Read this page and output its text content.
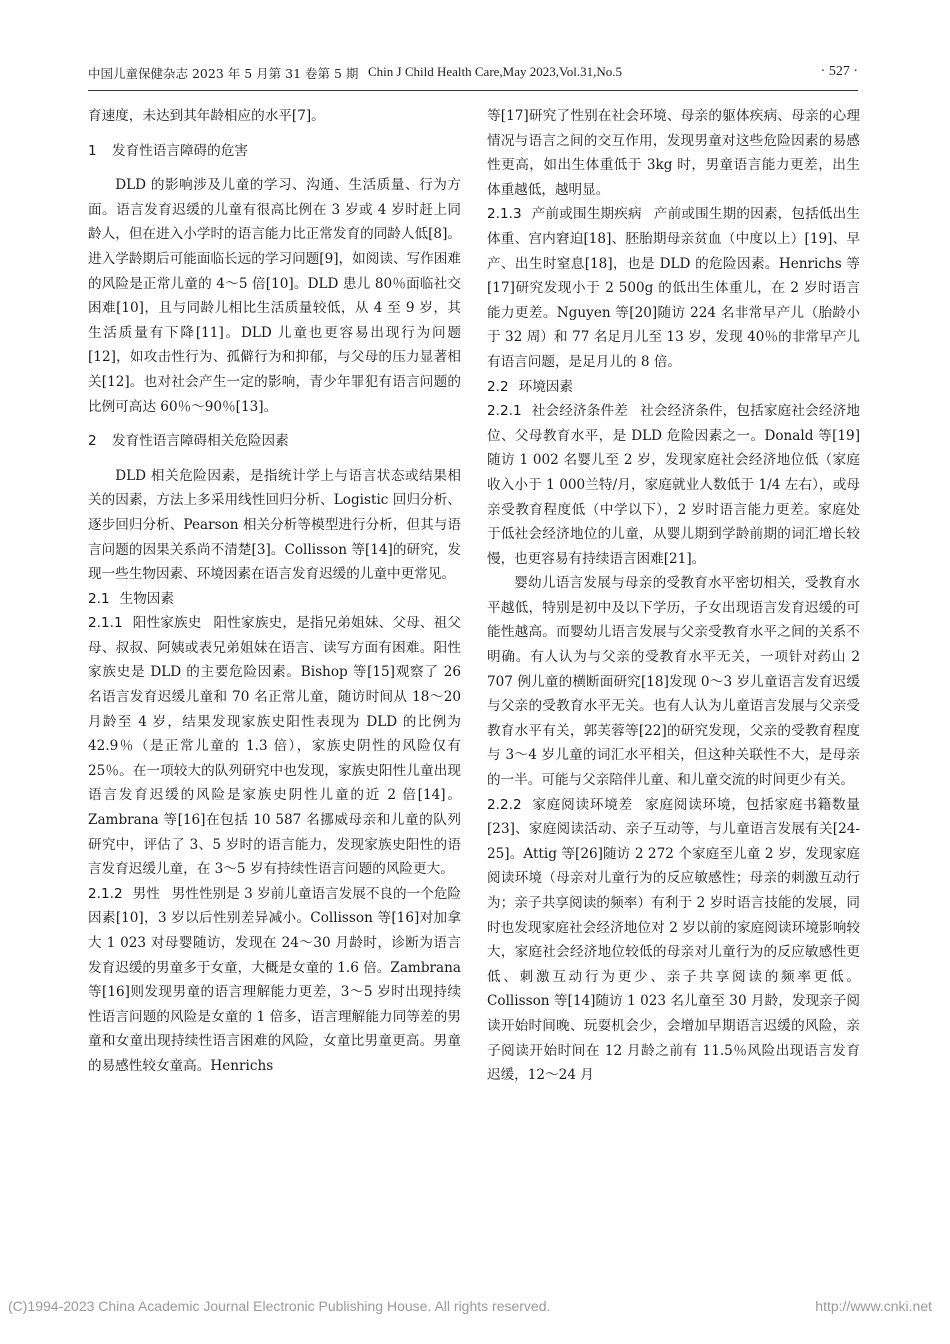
中国儿童保健杂志 2023 年 5 月第 31 卷第 5 期 Chin J Child Health Care,May 2023,Vol.31,No.5	· 527 ·

育速度，未达到其年龄相应的水平[7]。

1 发育性语言障碍的危害

DLD 的影响涉及儿童的学习、沟通、生活质量、行为方面。语言发育迟缓的儿童有很高比例在 3 岁或 4 岁时赶上同龄人，但在进入小学时的语言能力比正常发育的同龄人低[8]。进入学龄期后可能面临长远的学习问题[9]，如阅读、写作困难的风险是正常儿童的 4～5 倍[10]。DLD 患儿 80％面临社交困难[10]，且与同龄儿相比生活质量较低，从 4 至 9 岁，其生活质量有下降[11]。DLD 儿童也更容易出现行为问题[12]，如攻击性行为、孤僻行为和抑郁，与父母的压力显著相关[12]。也对社会产生一定的影响，青少年罪犯有语言问题的比例可高达 60％～90％[13]。

2 发育性语言障碍相关危险因素

DLD 相关危险因素，是指统计学上与语言状态或结果相关的因素，方法上多采用线性回归分析、Logistic 回归分析、逐步回归分析、Pearson 相关分析等模型进行分析，但其与语言问题的因果关系尚不清楚[3]。Collisson 等[14]的研究，发现一些生物因素、环境因素在语言发育迟缓的儿童中更常见。

2.1 生物因素

2.1.1 阳性家族史 阳性家族史，是指兄弟姐妹、父母、祖父母、叔叔、阿姨或表兄弟姐妹在语言、读写方面有困难。阳性家族史是 DLD 的主要危险因素。Bishop 等[15]观察了 26 名语言发育迟缓儿童和 70 名正常儿童，随访时间从 18～20 月龄至 4 岁，结果发现家族史阳性表现为 DLD 的比例为 42.9％（是正常儿童的 1.3 倍），家族史阴性的风险仅有 25％。在一项较大的队列研究中也发现，家族史阳性儿童出现语言发育迟缓的风险是家族史阴性儿童的近 2 倍[14]。Zambrana 等[16]在包括 10 587 名挪威母亲和儿童的队列研究中，评估了 3、5 岁时的语言能力，发现家族史阳性的语言发育迟缓儿童，在 3～5 岁有持续性语言问题的风险更大。

2.1.2 男性 男性性别是 3 岁前儿童语言发展不良的一个危险因素[10]，3 岁以后性别差异减小。Collisson 等[16]对加拿大 1 023 对母婴随访，发现在 24～30 月龄时，诊断为语言发育迟缓的男童多于女童，大概是女童的 1.6 倍。Zambrana 等[16]则发现男童的语言理解能力更差，3～5 岁时出现持续性语言问题的风险是女童的 1 倍多，语言理解能力同等差的男童和女童出现持续性语言困难的风险，女童比男童更高。男童的易感性较女童高。Henrichs

等[17]研究了性别在社会环境、母亲的躯体疾病、母亲的心理情况与语言之间的交互作用，发现男童对这些危险因素的易感性更高，如出生体重低于 3kg 时，男童语言能力更差，出生体重越低，越明显。

2.1.3 产前或围生期疾病 产前或围生期的因素，包括低出生体重、宫内窘迫[18]、胚胎期母亲贫血（中度以上）[19]、早产、出生时窒息[18]，也是 DLD 的危险因素。Henrichs 等[17]研究发现小于 2 500g 的低出生体重儿，在 2 岁时语言能力更差。Nguyen 等[20]随访 224 名非常早产儿（胎龄小于 32 周）和 77 名足月儿至 13 岁，发现 40％的非常早产儿有语言问题，是足月儿的 8 倍。

2.2 环境因素

2.2.1 社会经济条件差 社会经济条件，包括家庭社会经济地位、父母教育水平，是 DLD 危险因素之一。Donald 等[19]随访 1 002 名婴儿至 2 岁，发现家庭社会经济地位低（家庭收入小于 1 000兰特/月，家庭就业人数低于 1/4 左右），或母亲受教育程度低（中学以下），2 岁时语言能力更差。家庭处于低社会经济地位的儿童，从婴儿期到学龄前期的词汇增长较慢，也更容易有持续语言困难[21]。

婴幼儿语言发展与母亲的受教育水平密切相关，受教育水平越低，特别是初中及以下学历，子女出现语言发育迟缓的可能性越高。而婴幼儿语言发展与父亲受教育水平之间的关系不明确。有人认为与父亲的受教育水平无关，一项针对药山 2 707 例儿童的横断面研究[18]发现 0～3 岁儿童语言发育迟缓与父亲的受教育水平无关。也有人认为儿童语言发展与父亲受教育水平有关，郭芙蓉等[22]的研究发现，父亲的受教育程度与 3～4 岁儿童的词汇水平相关，但这种关联性不大，是母亲的一半。可能与父亲陪伴儿童、和儿童交流的时间更少有关。

2.2.2 家庭阅读环境差 家庭阅读环境，包括家庭书籍数量[23]、家庭阅读活动、亲子互动等，与儿童语言发展有关[24-25]。Attig 等[26]随访 2 272 个家庭至儿童 2 岁，发现家庭阅读环境（母亲对儿童行为的反应敏感性；母亲的刺激互动行为；亲子共享阅读的频率）有利于 2 岁时语言技能的发展，同时也发现家庭社会经济地位对 2 岁以前的家庭阅读环境影响较大，家庭社会经济地位较低的母亲对儿童行为的反应敏感性更低、刺激互动行为更少、亲子共享阅读的频率更低。Collisson 等[14]随访 1 023 名儿童至 30 月龄，发现亲子阅读开始时间晚、玩耍机会少，会增加早期语言迟缓的风险，亲子阅读开始时间在 12 月龄之前有 11.5％风险出现语言发育迟缓，12～24 月

(C)1994-2023 China Academic Journal Electronic Publishing House. All rights reserved.	http://www.cnki.net
